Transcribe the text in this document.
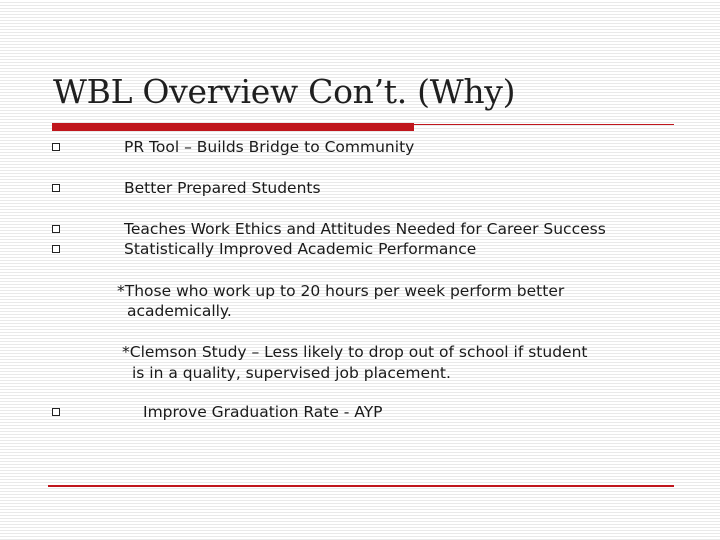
WBL Overview Con’t. (Why)
PR Tool – Builds Bridge to Community
Better Prepared Students
Teaches Work Ethics and Attitudes Needed for Career Success
Statistically Improved Academic Performance
*Those who work up to 20 hours per week perform better
academically.
*Clemson Study – Less likely to drop out of school if student
is in a quality, supervised job placement.
Improve Graduation Rate - AYP
